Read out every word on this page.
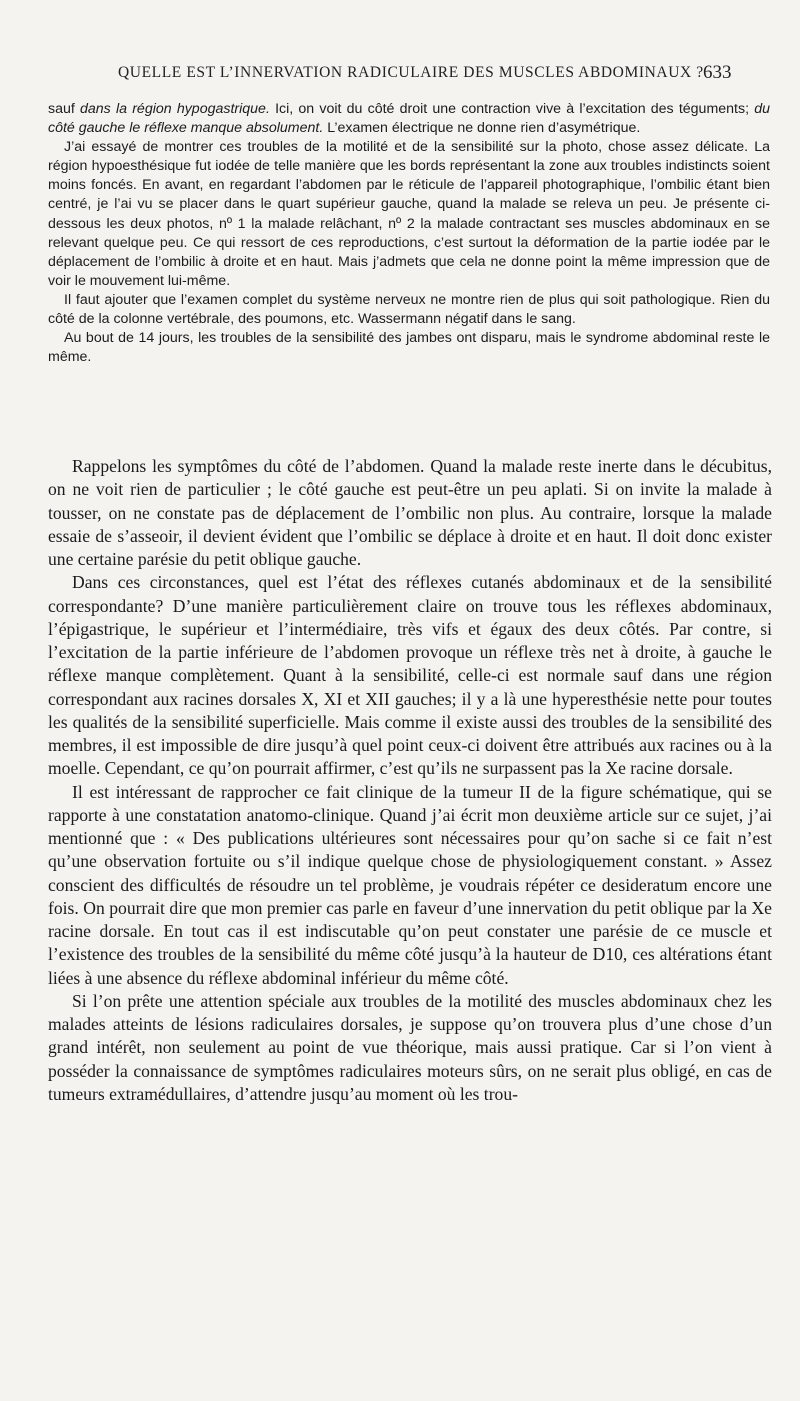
QUELLE EST L’INNERVATION RADICULAIRE DES MUSCLES ABDOMINAUX ? 633

sauf dans la région hypogastrique. Ici, on voit du côté droit une contraction vive à l’excitation des téguments; du côté gauche le réflexe manque absolument. L’examen électrique ne donne rien d’asymétrique.

J’ai essayé de montrer ces troubles de la motilité et de la sensibilité sur la photo, chose assez délicate. La région hypoesthésique fut iodée de telle manière que les bords représentant la zone aux troubles indistincts soient moins foncés. En avant, en regardant l’abdomen par le réticule de l’appareil photographique, l’ombilic étant bien centré, je l’ai vu se placer dans le quart supérieur gauche, quand la malade se releva un peu. Je présente ci-dessous les deux photos, nº 1 la malade relâchant, nº 2 la malade contractant ses muscles abdominaux en se relevant quelque peu. Ce qui ressort de ces reproductions, c’est surtout la déformation de la partie iodée par le déplacement de l’ombilic à droite et en haut. Mais j’admets que cela ne donne point la même impression que de voir le mouvement lui-même.

Il faut ajouter que l’examen complet du système nerveux ne montre rien de plus qui soit pathologique. Rien du côté de la colonne vertébrale, des poumons, etc. Wassermann négatif dans le sang.

Au bout de 14 jours, les troubles de la sensibilité des jambes ont disparu, mais le syndrome abdominal reste le même.

Rappelons les symptômes du côté de l’abdomen. Quand la malade reste inerte dans le décubitus, on ne voit rien de particulier ; le côté gauche est peut-être un peu aplati. Si on invite la malade à tousser, on ne constate pas de déplacement de l’ombilic non plus. Au contraire, lorsque la malade essaie de s’asseoir, il devient évident que l’ombilic se déplace à droite et en haut. Il doit donc exister une certaine parésie du petit oblique gauche.

Dans ces circonstances, quel est l’état des réflexes cutanés abdominaux et de la sensibilité correspondante? D’une manière particulièrement claire on trouve tous les réflexes abdominaux, l’épigastrique, le supérieur et l’intermédiaire, très vifs et égaux des deux côtés. Par contre, si l’excitation de la partie inférieure de l’abdomen provoque un réflexe très net à droite, à gauche le réflexe manque complètement. Quant à la sensibilité, celle-ci est normale sauf dans une région correspondant aux racines dorsales X, XI et XII gauches; il y a là une hyperesthésie nette pour toutes les qualités de la sensibilité superficielle. Mais comme il existe aussi des troubles de la sensibilité des membres, il est impossible de dire jusqu’à quel point ceux-ci doivent être attribués aux racines ou à la moelle. Cependant, ce qu’on pourrait affirmer, c’est qu’ils ne surpassent pas la Xe racine dorsale.

Il est intéressant de rapprocher ce fait clinique de la tumeur II de la figure schématique, qui se rapporte à une constatation anatomo-clinique. Quand j’ai écrit mon deuxième article sur ce sujet, j’ai mentionné que : « Des publications ultérieures sont nécessaires pour qu’on sache si ce fait n’est qu’une observation fortuite ou s’il indique quelque chose de physiologiquement constant. » Assez conscient des difficultés de résoudre un tel problème, je voudrais répéter ce desideratum encore une fois. On pourrait dire que mon premier cas parle en faveur d’une innervation du petit oblique par la Xe racine dorsale. En tout cas il est indiscutable qu’on peut constater une parésie de ce muscle et l’existence des troubles de la sensibilité du même côté jusqu’à la hauteur de D10, ces altérations étant liées à une absence du réflexe abdominal inférieur du même côté.

Si l’on prête une attention spéciale aux troubles de la motilité des muscles abdominaux chez les malades atteints de lésions radiculaires dorsales, je suppose qu’on trouvera plus d’une chose d’un grand intérêt, non seulement au point de vue théorique, mais aussi pratique. Car si l’on vient à posséder la connaissance de symptômes radiculaires moteurs sûrs, on ne serait plus obligé, en cas de tumeurs extramédullaires, d’attendre jusqu’au moment où les trou-
